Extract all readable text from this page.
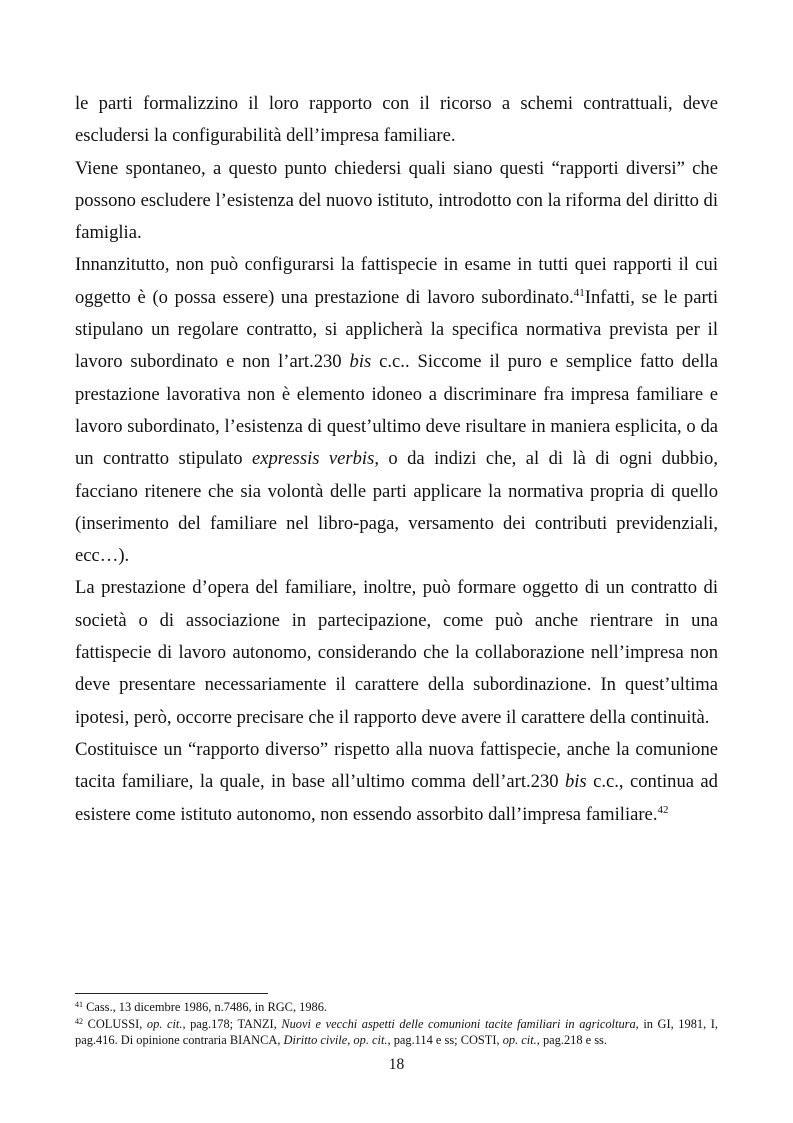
le parti formalizzino il loro rapporto con il ricorso a schemi contrattuali, deve escludersi la configurabilità dell’impresa familiare.

Viene spontaneo, a questo punto chiedersi quali siano questi “rapporti diversi” che possono escludere l’esistenza del nuovo istituto, introdotto con la riforma del diritto di famiglia.

Innanzitutto, non può configurarsi la fattispecie in esame in tutti quei rapporti il cui oggetto è (o possa essere) una prestazione di lavoro subordinato.$^{41}$Infatti, se le parti stipulano un regolare contratto, si applicherà la specifica normativa prevista per il lavoro subordinato e non l’art.230 bis c.c.. Siccome il puro e semplice fatto della prestazione lavorativa non è elemento idoneo a discriminare fra impresa familiare e lavoro subordinato, l’esistenza di quest’ultimo deve risultare in maniera esplicita, o da un contratto stipulato expressis verbis, o da indizi che, al di là di ogni dubbio, facciano ritenere che sia volontà delle parti applicare la normativa propria di quello (inserimento del familiare nel libro-paga, versamento dei contributi previdenziali, ecc…).

La prestazione d’opera del familiare, inoltre, può formare oggetto di un contratto di società o di associazione in partecipazione, come può anche rientrare in una fattispecie di lavoro autonomo, considerando che la collaborazione nell’impresa non deve presentare necessariamente il carattere della subordinazione. In quest’ultima ipotesi, però, occorre precisare che il rapporto deve avere il carattere della continuità.

Costituisce un “rapporto diverso” rispetto alla nuova fattispecie, anche la comunione tacita familiare, la quale, in base all’ultimo comma dell’art.230 bis c.c., continua ad esistere come istituto autonomo, non essendo assorbito dall’impresa familiare.$^{42}$

$^{41}$ Cass., 13 dicembre 1986, n.7486, in RGC, 1986.

$^{42}$ COLUSSI, op. cit., pag.178; TANZI, Nuovi e vecchi aspetti delle comunioni tacite familiari in agricoltura, in GI, 1981, I, pag.416. Di opinione contraria BIANCA, Diritto civile, op. cit., pag.114 e ss; COSTI, op. cit., pag.218 e ss.

18
